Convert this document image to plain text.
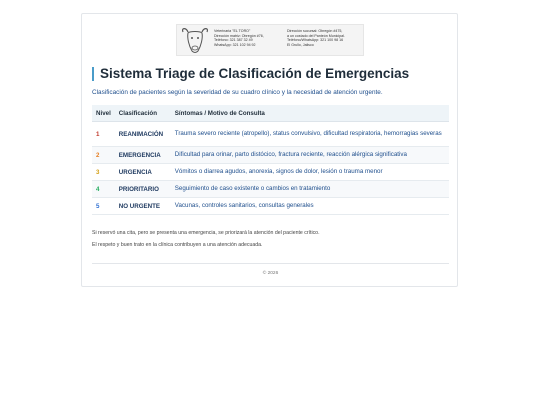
Veterinaria "EL TORO"
Dirección matriz: Obregón #76,
Teléfono: 321 387 32 49
WhatsApp: 321 102 94 92
Dirección sucursal: Obregón #475,
a un costado del Panteón Municipal.
Teléfono/WhatsApp: 321 100 98 16
El Grullo, Jalisco
Sistema Triage de Clasificación de Emergencias
Clasificación de pacientes según la severidad de su cuadro clínico y la necesidad de atención urgente.
Nivel	Clasificación	Síntomas / Motivo de Consulta
1	REANIMACIÓN	Trauma severo reciente (atropello), status convulsivo, dificultad respiratoria, hemorragias severas
2	EMERGENCIA	Dificultad para orinar, parto distócico, fractura reciente, reacción alérgica significativa
3	URGENCIA	Vómitos o diarrea agudos, anorexia, signos de dolor, lesión o trauma menor
4	PRIORITARIO	Seguimiento de caso existente o cambios en tratamiento
5	NO URGENTE	Vacunas, controles sanitarios, consultas generales
Si reservó una cita, pero se presenta una emergencia, se priorizará la atención del paciente crítico.
El respeto y buen trato en la clínica contribuyen a una atención adecuada.
© 2026
